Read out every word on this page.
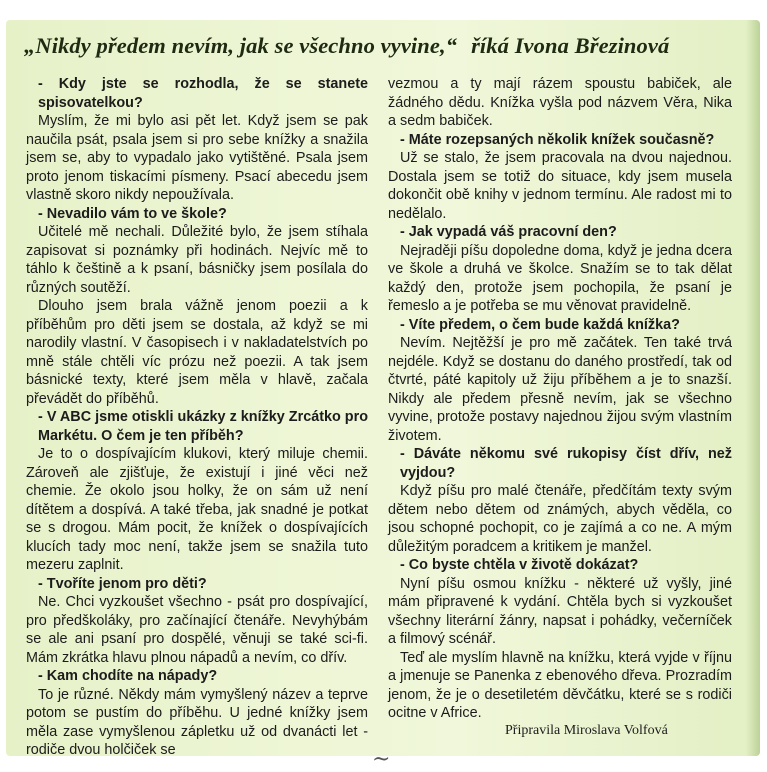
„Nikdy předem nevím, jak se všechno vyvine,“ říká Ivona Březinová

- Kdy jste se rozhodla, že se stanete spisovatelkou?

Myslím, že mi bylo asi pět let. Když jsem se pak naučila psát, psala jsem si pro sebe knížky a snažila jsem se, aby to vypadalo jako vytištěné. Psala jsem proto jenom tiskacími písmeny. Psací abecedu jsem vlastně skoro nikdy nepoužívala.

- Nevadilo vám to ve škole?

Učitelé mě nechali. Důležité bylo, že jsem stíhala zapisovat si poznámky při hodinách. Nejvíc mě to táhlo k češtině a k psaní, básničky jsem posílala do různých soutěží.

Dlouho jsem brala vážně jenom poezii a k příběhům pro děti jsem se dostala, až když se mi narodily vlastní. V časopisech i v nakladatelstvích po mně stále chtěli víc prózu než poezii. A tak jsem básnické texty, které jsem měla v hlavě, začala převádět do příběhů.

- V ABC jsme otiskli ukázky z knížky Zrcátko pro Markétu. O čem je ten příběh?

Je to o dospívajícím klukovi, který miluje chemii. Zároveň ale zjišťuje, že existují i jiné věci než chemie. Že okolo jsou holky, že on sám už není dítětem a dospívá. A také třeba, jak snadné je potkat se s drogou. Mám pocit, že knížek o dospívajících klucích tady moc není, takže jsem se snažila tuto mezeru zaplnit.

- Tvoříte jenom pro děti?

Ne. Chci vyzkoušet všechno - psát pro dospívající, pro předškoláky, pro začínající čtenáře. Nevyhýbám se ale ani psaní pro dospělé, věnuji se také sci-fi. Mám zkrátka hlavu plnou nápadů a nevím, co dřív.

- Kam chodíte na nápady?

To je různé. Někdy mám vymyšlený název a teprve potom se pustím do příběhu. U jedné knížky jsem měla zase vymyšlenou zápletku už od dvanácti let - rodiče dvou holčiček se

vezmou a ty mají rázem spoustu babiček, ale žádného dědu. Knížka vyšla pod názvem Věra, Nika a sedm babiček.

- Máte rozepsaných několik knížek současně?

Už se stalo, že jsem pracovala na dvou najednou. Dostala jsem se totiž do situace, kdy jsem musela dokončit obě knihy v jednom termínu. Ale radost mi to nedělalo.

- Jak vypadá váš pracovní den?

Nejraději píšu dopoledne doma, když je jedna dcera ve škole a druhá ve školce. Snažím se to tak dělat každý den, protože jsem pochopila, že psaní je řemeslo a je potřeba se mu věnovat pravidelně.

- Víte předem, o čem bude každá knížka?

Nevím. Nejtěžší je pro mě začátek. Ten také trvá nejdéle. Když se dostanu do daného prostředí, tak od čtvrté, páté kapitoly už žiju příběhem a je to snazší. Nikdy ale předem přesně nevím, jak se všechno vyvine, protože postavy najednou žijou svým vlastním životem.

- Dáváte někomu své rukopisy číst dřív, než vyjdou?

Když píšu pro malé čtenáře, předčítám texty svým dětem nebo dětem od známých, abych věděla, co jsou schopné pochopit, co je zajímá a co ne. A mým důležitým poradcem a kritikem je manžel.

- Co byste chtěla v životě dokázat?

Nyní píšu osmou knížku - některé už vyšly, jiné mám připravené k vydání. Chtěla bych si vyzkoušet všechny literární žánry, napsat i pohádky, večerníček a filmový scénář.

Teď ale myslím hlavně na knížku, která vyjde v říjnu a jmenuje se Panenka z ebenového dřeva. Prozradím jenom, že je o desetiletém děvčátku, které se s rodiči ocitne v Africe.

Připravila Miroslava Volfová
~
